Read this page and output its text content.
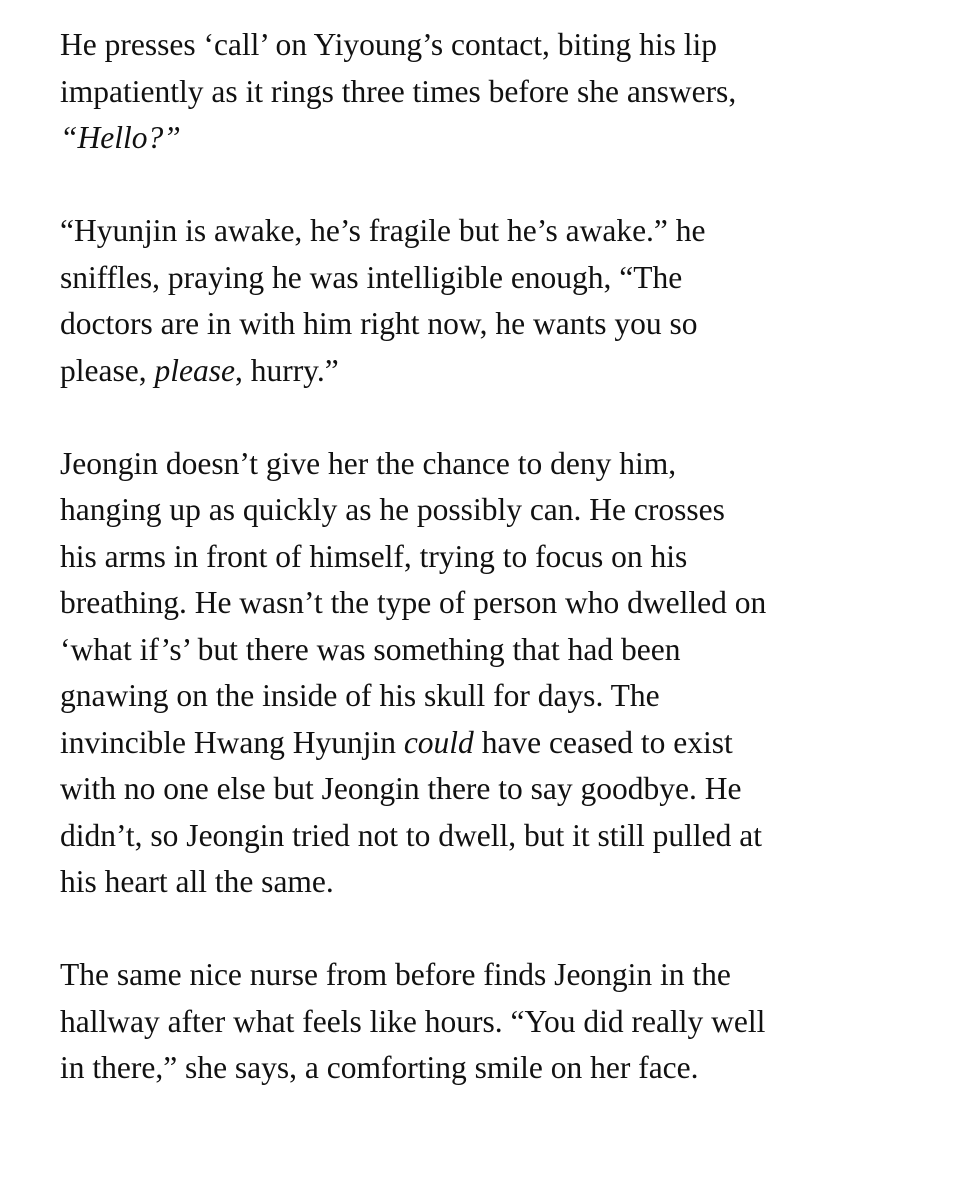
He presses ‘call’ on Yiyoung’s contact, biting his lip
impatiently as it rings three times before she answers,
“Hello?”

“Hyunjin is awake, he’s fragile but he’s awake.” he
sniffles, praying he was intelligible enough, “The
doctors are in with him right now, he wants you so
please, please, hurry.”

Jeongin doesn’t give her the chance to deny him,
hanging up as quickly as he possibly can. He crosses
his arms in front of himself, trying to focus on his
breathing. He wasn’t the type of person who dwelled on
‘what if’s’ but there was something that had been
gnawing on the inside of his skull for days. The
invincible Hwang Hyunjin could have ceased to exist
with no one else but Jeongin there to say goodbye. He
didn’t, so Jeongin tried not to dwell, but it still pulled at
his heart all the same.

The same nice nurse from before finds Jeongin in the
hallway after what feels like hours. “You did really well
in there,” she says, a comforting smile on her face.
